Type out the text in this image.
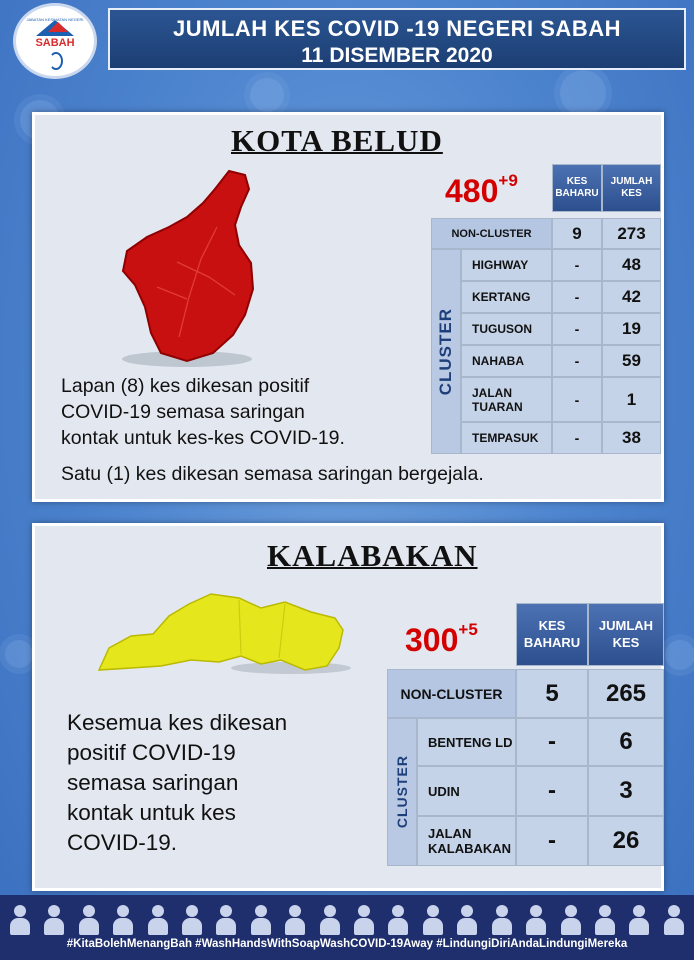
JABATAN KESIHATAN NEGERI
SABAH
JUMLAH KES COVID -19 NEGERI SABAH
11 DISEMBER 2020
KOTA BELUD
$480^{+9}$	KES
BAHARU
JUMLAH
KES
NON-CLUSTER	9	273
CLUSTER
HIGHWAY	-	48
KERTANG	-	42
TUGUSON	-	19
NAHABA	-	59
JALAN
TUARAN	-	1
TEMPASUK	-	38
Lapan (8) kes dikesan positif
COVID-19 semasa saringan
kontak untuk kes-kes COVID-19.
Satu (1) kes dikesan semasa saringan bergejala.
KALABAKAN
$300^{+5}$	KES
BAHARU
JUMLAH
KES
NON-CLUSTER	5	265
CLUSTER
BENTENG LD	-	6
UDIN	-	3
JALAN
KALABAKAN	-	26
Kesemua kes dikesan
positif COVID-19
semasa saringan
kontak untuk kes
COVID-19.
#KitaBolehMenangBah #WashHandsWithSoapWashCOVID-19Away #LindungiDiriAndaLindungiMereka
